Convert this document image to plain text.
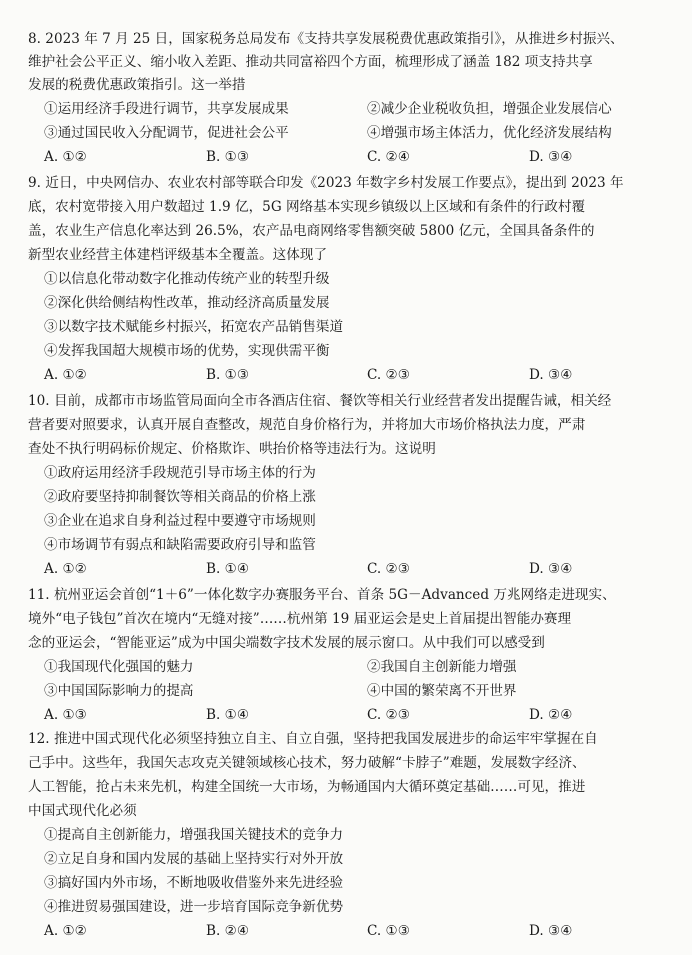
8. 2023 年 7 月 25 日，国家税务总局发布《支持共享发展税费优惠政策指引》，从推进乡村振兴、
维护社会公平正义、缩小收入差距、推动共同富裕四个方面，梳理形成了涵盖 182 项支持共享
发展的税费优惠政策指引。这一举措
①运用经济手段进行调节，共享发展成果	②减少企业税收负担，增强企业发展信心
③通过国民收入分配调节，促进社会公平	④增强市场主体活力，优化经济发展结构
A. ①②	B. ①③	C. ②④	D. ③④
9. 近日，中央网信办、农业农村部等联合印发《2023 年数字乡村发展工作要点》，提出到 2023 年
底，农村宽带接入用户数超过 1.9 亿，5G 网络基本实现乡镇级以上区域和有条件的行政村覆
盖，农业生产信息化率达到 26.5%，农产品电商网络零售额突破 5800 亿元，全国具备条件的
新型农业经营主体建档评级基本全覆盖。这体现了
①以信息化带动数字化推动传统产业的转型升级
②深化供给侧结构性改革，推动经济高质量发展
③以数字技术赋能乡村振兴，拓宽农产品销售渠道
④发挥我国超大规模市场的优势，实现供需平衡
A. ①②	B. ①③	C. ②③	D. ③④
10. 目前，成都市市场监管局面向全市各酒店住宿、餐饮等相关行业经营者发出提醒告诫，相关经
营者要对照要求，认真开展自查整改，规范自身价格行为，并将加大市场价格执法力度，严肃
查处不执行明码标价规定、价格欺诈、哄抬价格等违法行为。这说明
①政府运用经济手段规范引导市场主体的行为
②政府要坚持抑制餐饮等相关商品的价格上涨
③企业在追求自身利益过程中要遵守市场规则
④市场调节有弱点和缺陷需要政府引导和监管
A. ①②	B. ①④	C. ②③	D. ③④
11. 杭州亚运会首创“1＋6”一体化数字办赛服务平台、首条 5G－Advanced 万兆网络走进现实、
境外“电子钱包”首次在境内“无缝对接”……杭州第 19 届亚运会是史上首届提出智能办赛理
念的亚运会，“智能亚运”成为中国尖端数字技术发展的展示窗口。从中我们可以感受到
①我国现代化强国的魅力	②我国自主创新能力增强
③中国国际影响力的提高	④中国的繁荣离不开世界
A. ①③	B. ①④	C. ②③	D. ②④
12. 推进中国式现代化必须坚持独立自主、自立自强，坚持把我国发展进步的命运牢牢掌握在自
己手中。这些年，我国矢志攻克关键领域核心技术，努力破解“卡脖子”难题，发展数字经济、
人工智能，抢占未来先机，构建全国统一大市场，为畅通国内大循环奠定基础……可见，推进
中国式现代化必须
①提高自主创新能力，增强我国关键技术的竞争力
②立足自身和国内发展的基础上坚持实行对外开放
③搞好国内外市场，不断地吸收借鉴外来先进经验
④推进贸易强国建设，进一步培育国际竞争新优势
A. ①②	B. ②④	C. ①③	D. ③④
